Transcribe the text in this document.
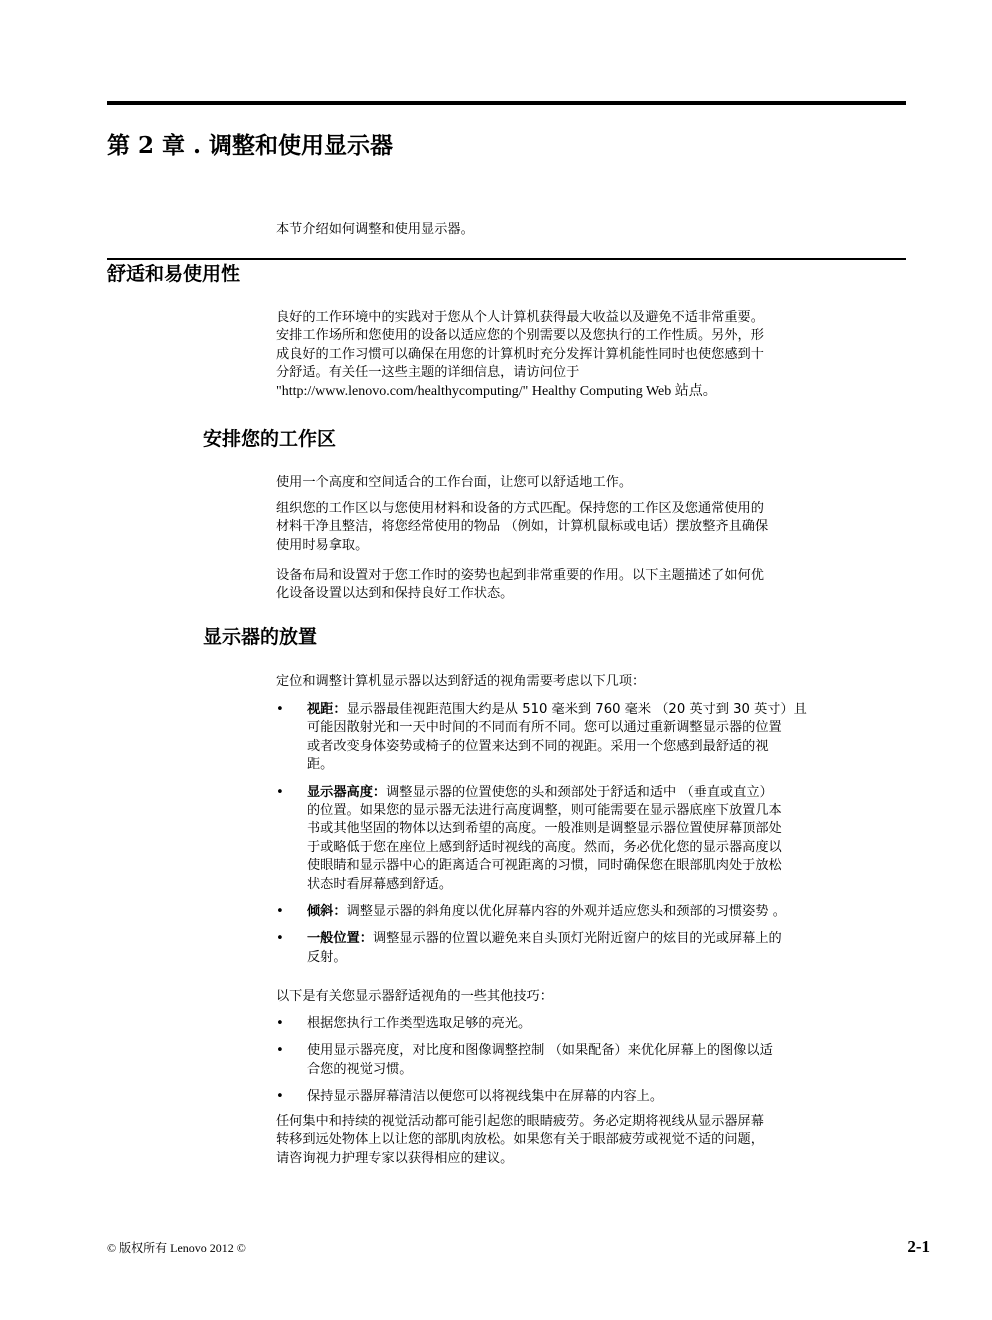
第 2 章 . 调整和使用显示器
本节介绍如何调整和使用显示器。
舒适和易使用性

良好的工作环境中的实践对于您从个人计算机获得最大收益以及避免不适非常重要。

安排工作场所和您使用的设备以适应您的个别需要以及您执行的工作性质。另外，形

成良好的工作习惯可以确保在用您的计算机时充分发挥计算机能性同时也使您感到十

分舒适。有关任一这些主题的详细信息，请访问位于

"http://www.lenovo.com/healthycomputing/" Healthy Computing Web 站点。

安排您的工作区
使用一个高度和空间适合的工作台面，让您可以舒适地工作。

组织您的工作区以与您使用材料和设备的方式匹配。保持您的工作区及您通常使用的

材料干净且整洁，将您经常使用的物品 （例如，计算机鼠标或电话）摆放整齐且确保

使用时易拿取。

设备布局和设置对于您工作时的姿势也起到非常重要的作用。以下主题描述了如何优

化设备设置以达到和保持良好工作状态。

显示器的放置
定位和调整计算机显示器以达到舒适的视角需要考虑以下几项：
• 视距：显示器最佳视距范围大约是从 510 毫米到 760 毫米 （20 英寸到 30 英寸）且

可能因散射光和一天中时间的不同而有所不同。您可以通过重新调整显示器的位置

或者改变身体姿势或椅子的位置来达到不同的视距。采用一个您感到最舒适的视

距。

• 显示器高度：调整显示器的位置使您的头和颈部处于舒适和适中 （垂直或直立）

的位置。如果您的显示器无法进行高度调整，则可能需要在显示器底座下放置几本

书或其他坚固的物体以达到希望的高度。一般准则是调整显示器位置使屏幕顶部处

于或略低于您在座位上感到舒适时视线的高度。然而，务必优化您的显示器高度以

使眼睛和显示器中心的距离适合可视距离的习惯，同时确保您在眼部肌肉处于放松

状态时看屏幕感到舒适。

• 倾斜：调整显示器的斜角度以优化屏幕内容的外观并适应您头和颈部的习惯姿势 。

• 一般位置：调整显示器的位置以避免来自头顶灯光附近窗户的炫目的光或屏幕上的

反射。

以下是有关您显示器舒适视角的一些其他技巧：
• 根据您执行工作类型选取足够的亮光。

• 使用显示器亮度，对比度和图像调整控制 （如果配备）来优化屏幕上的图像以适

合您的视觉习惯。

• 保持显示器屏幕清洁以便您可以将视线集中在屏幕的内容上。

任何集中和持续的视觉活动都可能引起您的眼睛疲劳。务必定期将视线从显示器屏幕

转移到远处物体上以让您的部肌肉放松。如果您有关于眼部疲劳或视觉不适的问题，

请咨询视力护理专家以获得相应的建议。

© 版权所有 Lenovo 2012 ©	2-1
